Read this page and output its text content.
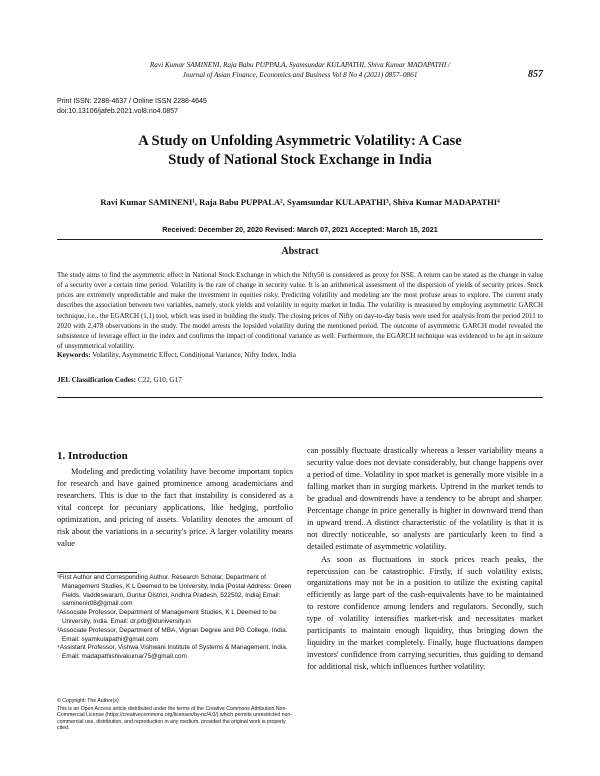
Ravi Kumar SAMINENI, Raja Babu PUPPALA, Syamsundar KULAPATHI, Shiva Kumar MADAPATHI /
Journal of Asian Finance, Economics and Business Vol 8 No 4 (2021) 0857–0861	857
Print ISSN: 2288-4637 / Online ISSN 2288-4645
doi:10.13106/jafeb.2021.vol8.no4.0857
A Study on Unfolding Asymmetric Volatility: A Case
Study of National Stock Exchange in India
Ravi Kumar SAMINENI¹, Raja Babu PUPPALA², Syamsundar KULAPATHI³, Shiva Kumar MADAPATHI⁴
Received: December 20, 2020 Revised: March 07, 2021 Accepted: March 15, 2021
Abstract
The study aims to find the asymmetric effect in National Stock Exchange in which the Nifty50 is considered as proxy for NSE. A return can be stated as the change in value of a security over a certain time period. Volatility is the rate of change in security value. It is an arithmetical assessment of the dispersion of yields of security prices. Stock prices are extremely unpredictable and make the investment in equities risky. Predicting volatility and modeling are the most profuse areas to explore. The current study describes the association between two variables, namely, stock yields and volatility in equity market in India. The volatility is measured by employing asymmetric GARCH technique, i.e., the EGARCH (1,1) tool, which was used in building the study. The closing prices of Nifty on day-to-day basis were used for analysis from the period 2011 to 2020 with 2,478 observations in the study. The model arrests the lopsided volatility during the mentioned period. The outcome of asymmetric GARCH model revealed the subsistence of leverage effect in the index and confirms the impact of conditional variance as well. Furthermore, the EGARCH technique was evidenced to be apt in seizure of unsymmetrical volatility.
Keywords: Volatility, Asymmetric Effect, Conditional Variance, Nifty Index, India
JEL Classification Codes: C22, G10, G17
1. Introduction

Modeling and predicting volatility have become important topics for research and have gained prominence among academicians and researchers. This is due to the fact that instability is considered as a vital concept for pecuniary applications, like hedging, portfolio optimization, and pricing of assets. Volatility denotes the amount of risk about the variations in a security's price. A larger volatility means value

¹First Author and Corresponding Author. Research Scholar, Department of Management Studies, K L Deemed to be University, India [Postal Address: Green Fields, Vaddeswaram, Guntur District, Andhra Pradesh, 522502, India] Email: saminenir08@gmail.com
²Associate Professor, Department of Management Studies, K L Deemed to be University, India. Email: dr.prb@kluniversity.in
³Associate Professor, Department of MBA, Vignan Degree and PG College, India. Email: syamkulapathi@gmail.com
⁴Assistant Professor, Vishwa Vishwani Institute of Systems & Management, India. Email: madapathishivakumar75@gmail.com
© Copyright: The Author(s)
This is an Open Access article distributed under the terms of the Creative Commons Attribution Non-Commercial License (https://creativecommons.org/licenses/by-nc/4.0/) which permits unrestricted non-commercial use, distribution, and reproduction in any medium, provided the original work is properly cited.

can possibly fluctuate drastically whereas a lesser variability means a security value does not deviate considerably, but change happens over a period of time. Volatility in spot market is generally more visible in a falling market than in surging markets. Uptrend in the market tends to be gradual and downtrends have a tendency to be abrupt and sharper. Percentage change in price generally is higher in downward trend than in upward trend. A distinct characteristic of the volatility is that it is not directly noticeable, so analysts are particularly keen to find a detailed estimate of asymmetric volatility.

As soon as fluctuations in stock prices reach peaks, the repercussion can be catastrophic. Firstly, if such volatility exists, organizations may not be in a position to utilize the existing capital efficiently as large part of the cash-equivalents have to be maintained to restore confidence among lenders and regulators. Secondly, such type of volatility intensifies market-risk and necessitates market participants to maintain enough liquidity, thus bringing down the liquidity in the market completely. Finally, huge fluctuations dampen investors' confidence from carrying securities, thus guiding to demand for additional risk, which influences further volatility.
